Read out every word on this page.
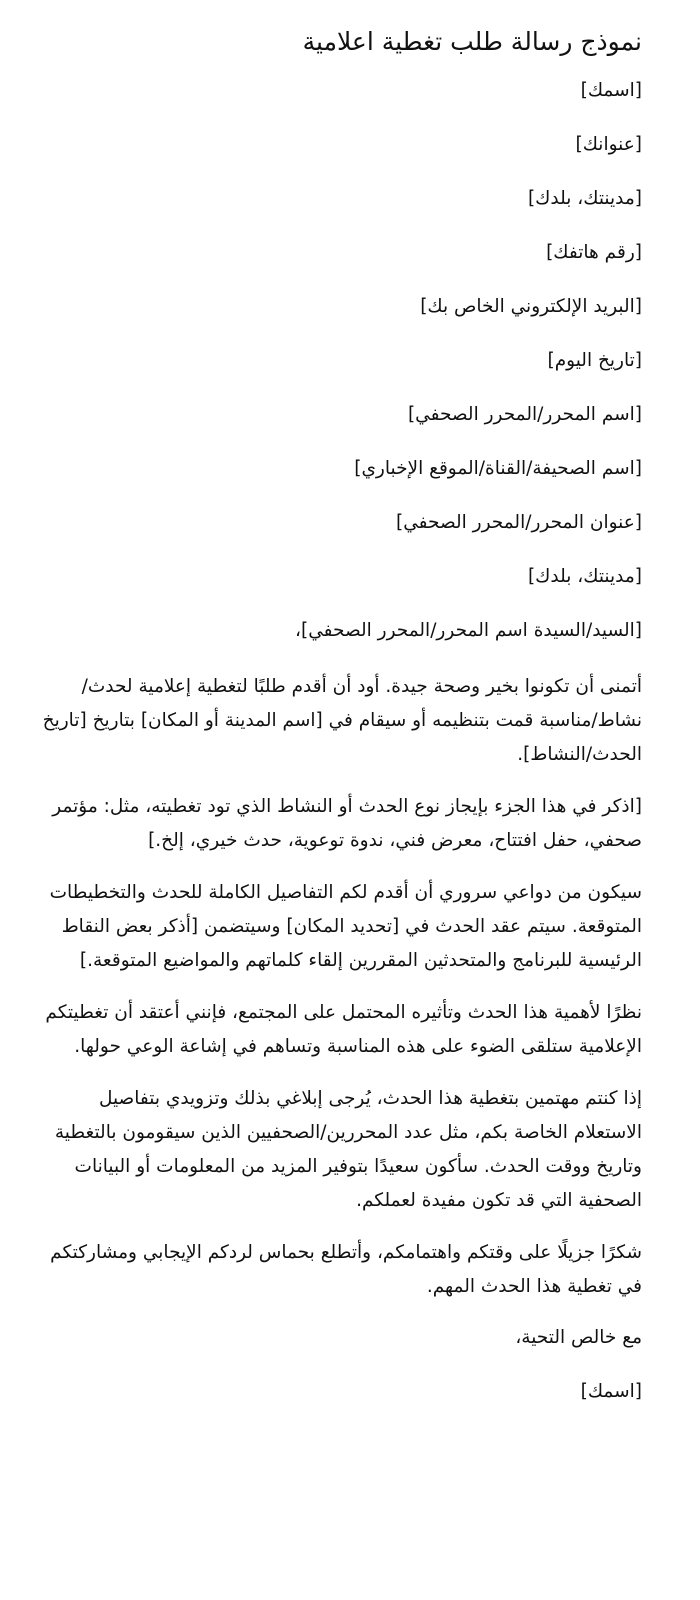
نموذج رسالة طلب تغطية اعلامية
[اسمك]
[عنوانك]
[مدينتك، بلدك]
[رقم هاتفك]
[البريد الإلكتروني الخاص بك]
[تاريخ اليوم]
[اسم المحرر/المحرر الصحفي]
[اسم الصحيفة/القناة/الموقع الإخباري]
[عنوان المحرر/المحرر الصحفي]
[مدينتك، بلدك]
[السيد/السيدة اسم المحرر/المحرر الصحفي]،

أتمنى أن تكونوا بخير وصحة جيدة. أود أن أقدم طلبًا لتغطية إعلامية لحدث/نشاط/مناسبة قمت بتنظيمه أو سيقام في [اسم المدينة أو المكان] بتاريخ [تاريخ الحدث/النشاط].

[اذكر في هذا الجزء بإيجاز نوع الحدث أو النشاط الذي تود تغطيته، مثل: مؤتمر صحفي، حفل افتتاح، معرض فني، ندوة توعوية، حدث خيري، إلخ.]

سيكون من دواعي سروري أن أقدم لكم التفاصيل الكاملة للحدث والتخطيطات المتوقعة. سيتم عقد الحدث في [تحديد المكان] وسيتضمن [أذكر بعض النقاط الرئيسية للبرنامج والمتحدثين المقررين إلقاء كلماتهم والمواضيع المتوقعة.]

نظرًا لأهمية هذا الحدث وتأثيره المحتمل على المجتمع، فإنني أعتقد أن تغطيتكم الإعلامية ستلقى الضوء على هذه المناسبة وتساهم في إشاعة الوعي حولها.

إذا كنتم مهتمين بتغطية هذا الحدث، يُرجى إبلاغي بذلك وتزويدي بتفاصيل الاستعلام الخاصة بكم، مثل عدد المحررين/الصحفيين الذين سيقومون بالتغطية وتاريخ ووقت الحدث. سأكون سعيدًا بتوفير المزيد من المعلومات أو البيانات الصحفية التي قد تكون مفيدة لعملكم.

شكرًا جزيلًا على وقتكم واهتمامكم، وأتطلع بحماس لردكم الإيجابي ومشاركتكم في تغطية هذا الحدث المهم.

مع خالص التحية،
[اسمك]
